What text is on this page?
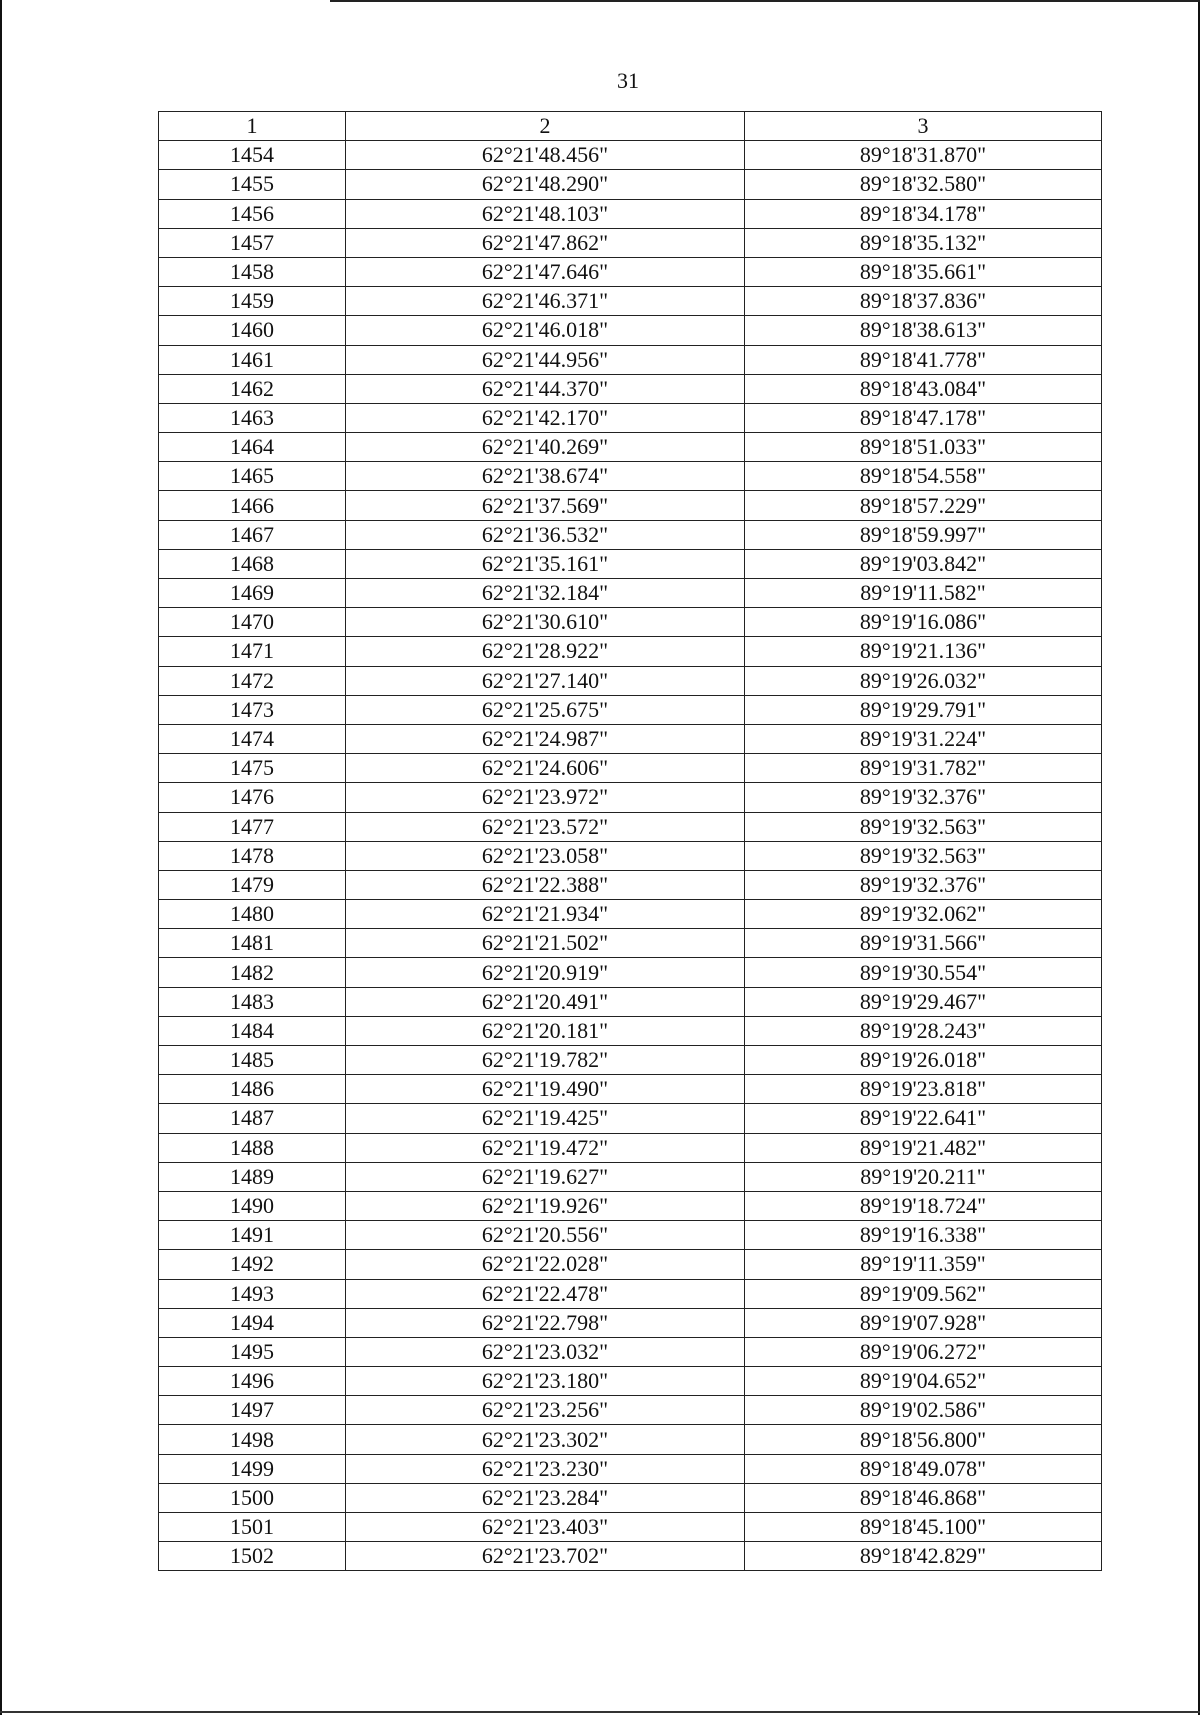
31
1	2	3
1454	62°21'48.456"	89°18'31.870"
1455	62°21'48.290"	89°18'32.580"
1456	62°21'48.103"	89°18'34.178"
1457	62°21'47.862"	89°18'35.132"
1458	62°21'47.646"	89°18'35.661"
1459	62°21'46.371"	89°18'37.836"
1460	62°21'46.018"	89°18'38.613"
1461	62°21'44.956"	89°18'41.778"
1462	62°21'44.370"	89°18'43.084"
1463	62°21'42.170"	89°18'47.178"
1464	62°21'40.269"	89°18'51.033"
1465	62°21'38.674"	89°18'54.558"
1466	62°21'37.569"	89°18'57.229"
1467	62°21'36.532"	89°18'59.997"
1468	62°21'35.161"	89°19'03.842"
1469	62°21'32.184"	89°19'11.582"
1470	62°21'30.610"	89°19'16.086"
1471	62°21'28.922"	89°19'21.136"
1472	62°21'27.140"	89°19'26.032"
1473	62°21'25.675"	89°19'29.791"
1474	62°21'24.987"	89°19'31.224"
1475	62°21'24.606"	89°19'31.782"
1476	62°21'23.972"	89°19'32.376"
1477	62°21'23.572"	89°19'32.563"
1478	62°21'23.058"	89°19'32.563"
1479	62°21'22.388"	89°19'32.376"
1480	62°21'21.934"	89°19'32.062"
1481	62°21'21.502"	89°19'31.566"
1482	62°21'20.919"	89°19'30.554"
1483	62°21'20.491"	89°19'29.467"
1484	62°21'20.181"	89°19'28.243"
1485	62°21'19.782"	89°19'26.018"
1486	62°21'19.490"	89°19'23.818"
1487	62°21'19.425"	89°19'22.641"
1488	62°21'19.472"	89°19'21.482"
1489	62°21'19.627"	89°19'20.211"
1490	62°21'19.926"	89°19'18.724"
1491	62°21'20.556"	89°19'16.338"
1492	62°21'22.028"	89°19'11.359"
1493	62°21'22.478"	89°19'09.562"
1494	62°21'22.798"	89°19'07.928"
1495	62°21'23.032"	89°19'06.272"
1496	62°21'23.180"	89°19'04.652"
1497	62°21'23.256"	89°19'02.586"
1498	62°21'23.302"	89°18'56.800"
1499	62°21'23.230"	89°18'49.078"
1500	62°21'23.284"	89°18'46.868"
1501	62°21'23.403"	89°18'45.100"
1502	62°21'23.702"	89°18'42.829"
